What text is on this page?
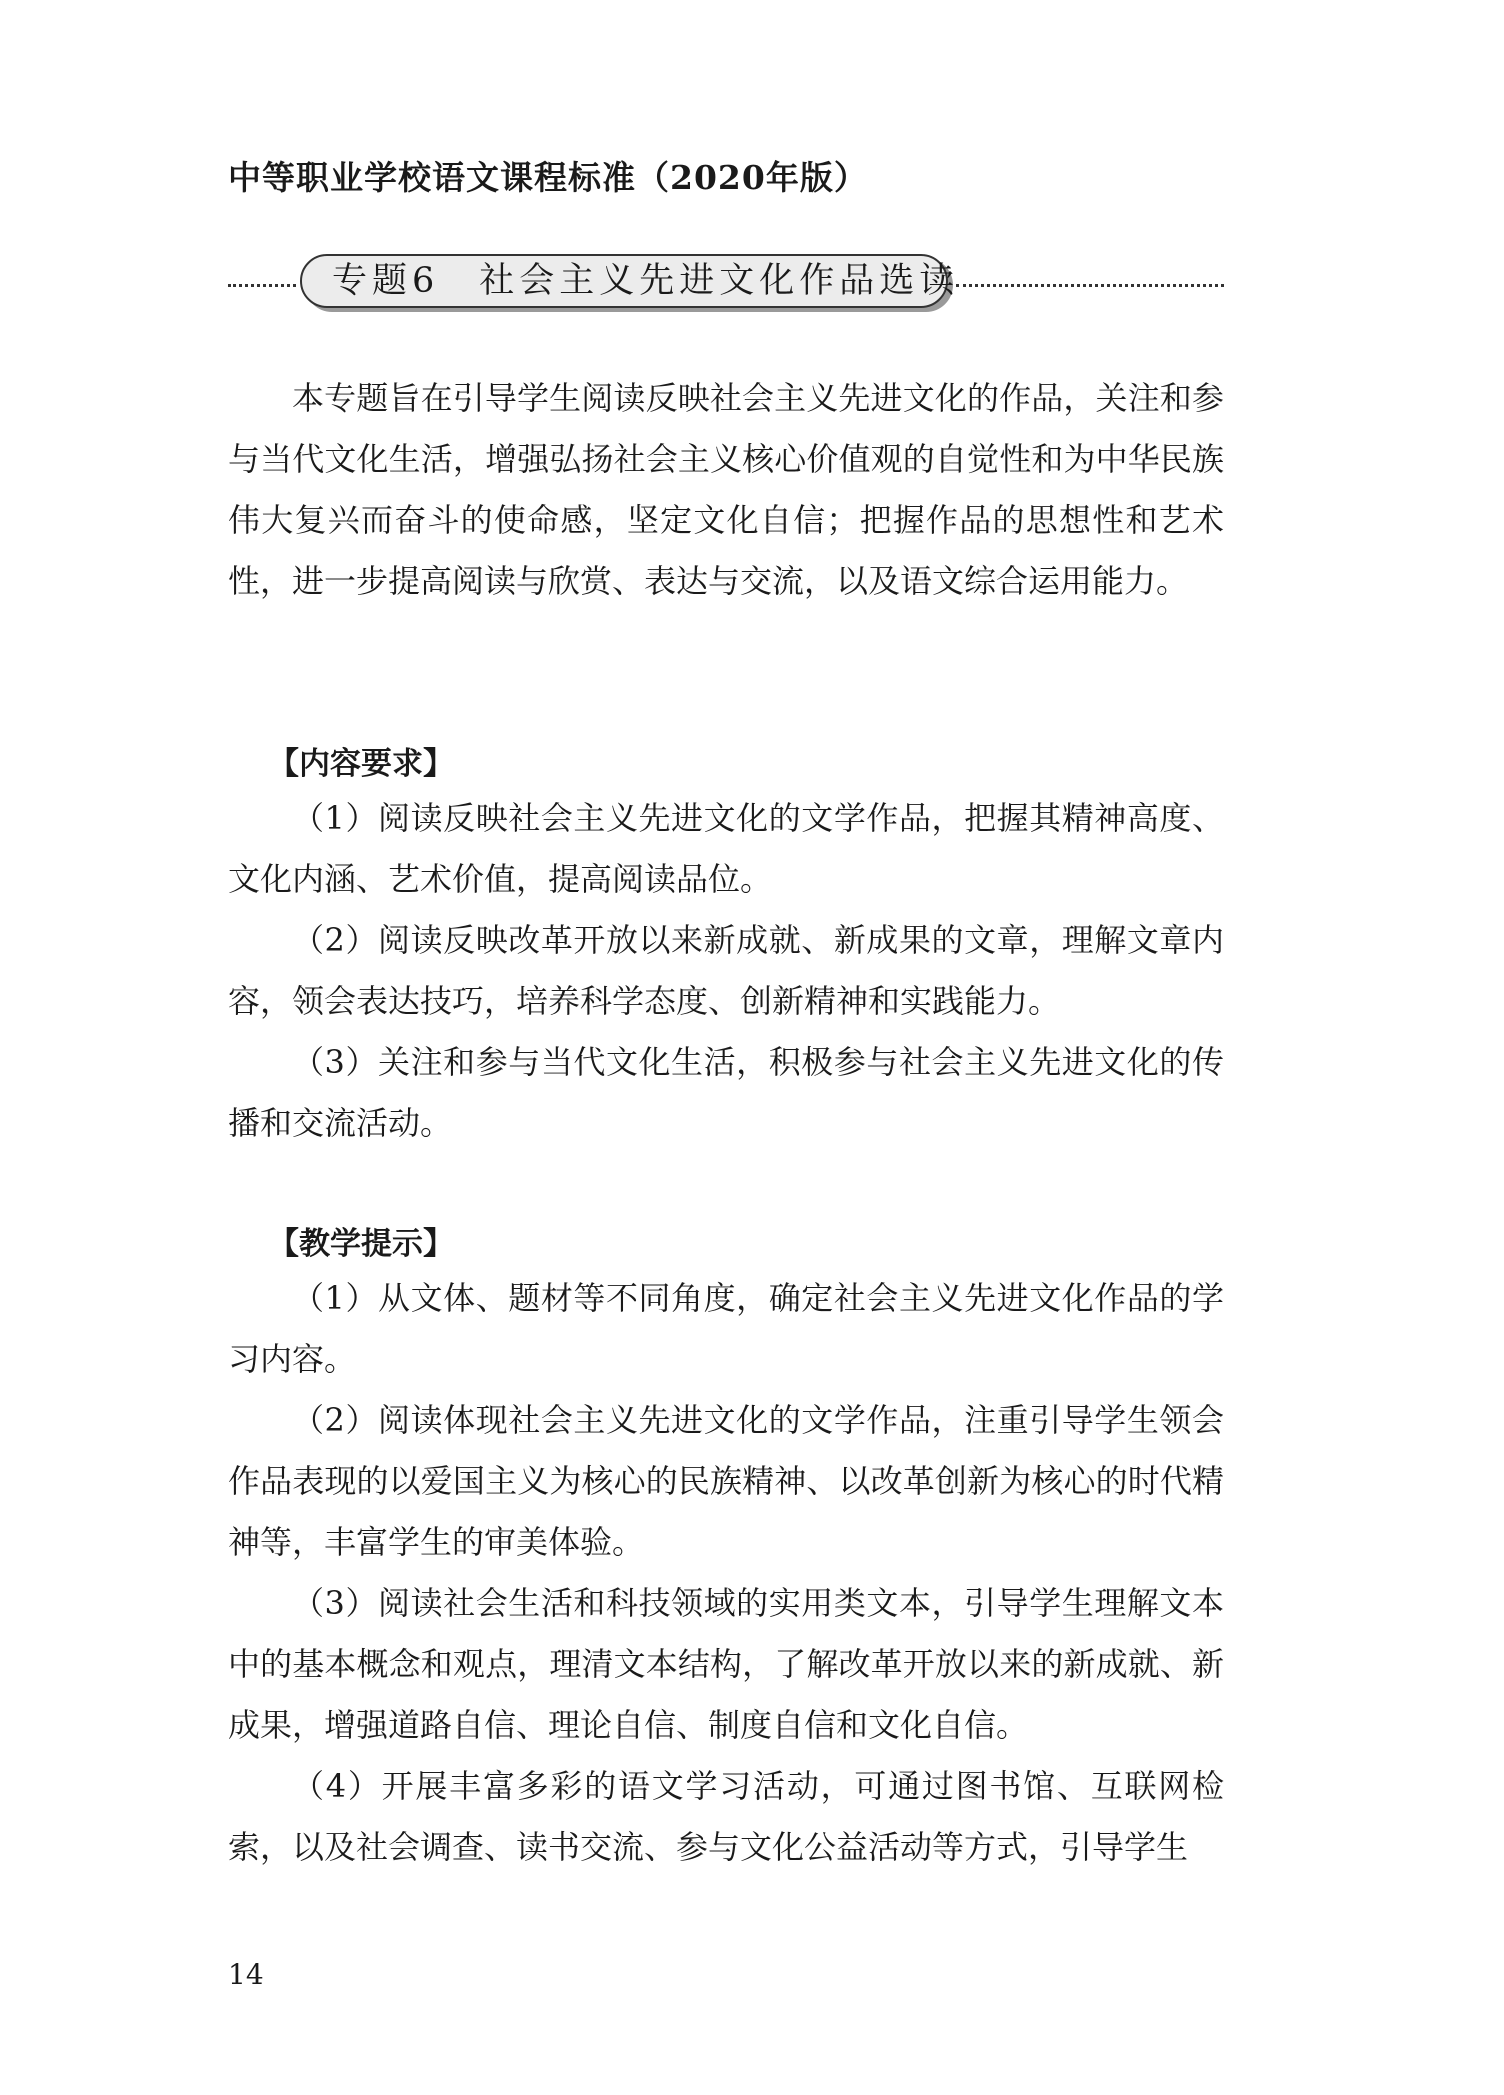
中等职业学校语文课程标准（2020年版）
专题6　社会主义先进文化作品选读

本专题旨在引导学生阅读反映社会主义先进文化的作品，关注和参与当代文化生活，增强弘扬社会主义核心价值观的自觉性和为中华民族伟大复兴而奋斗的使命感，坚定文化自信；把握作品的思想性和艺术性，进一步提高阅读与欣赏、表达与交流，以及语文综合运用能力。

【内容要求】

（1）阅读反映社会主义先进文化的文学作品，把握其精神高度、文化内涵、艺术价值，提高阅读品位。

（2）阅读反映改革开放以来新成就、新成果的文章，理解文章内容，领会表达技巧，培养科学态度、创新精神和实践能力。

（3）关注和参与当代文化生活，积极参与社会主义先进文化的传播和交流活动。

【教学提示】

（1）从文体、题材等不同角度，确定社会主义先进文化作品的学习内容。

（2）阅读体现社会主义先进文化的文学作品，注重引导学生领会作品表现的以爱国主义为核心的民族精神、以改革创新为核心的时代精神等，丰富学生的审美体验。

（3）阅读社会生活和科技领域的实用类文本，引导学生理解文本中的基本概念和观点，理清文本结构，了解改革开放以来的新成就、新成果，增强道路自信、理论自信、制度自信和文化自信。

（4）开展丰富多彩的语文学习活动，可通过图书馆、互联网检索，以及社会调查、读书交流、参与文化公益活动等方式，引导学生

14
